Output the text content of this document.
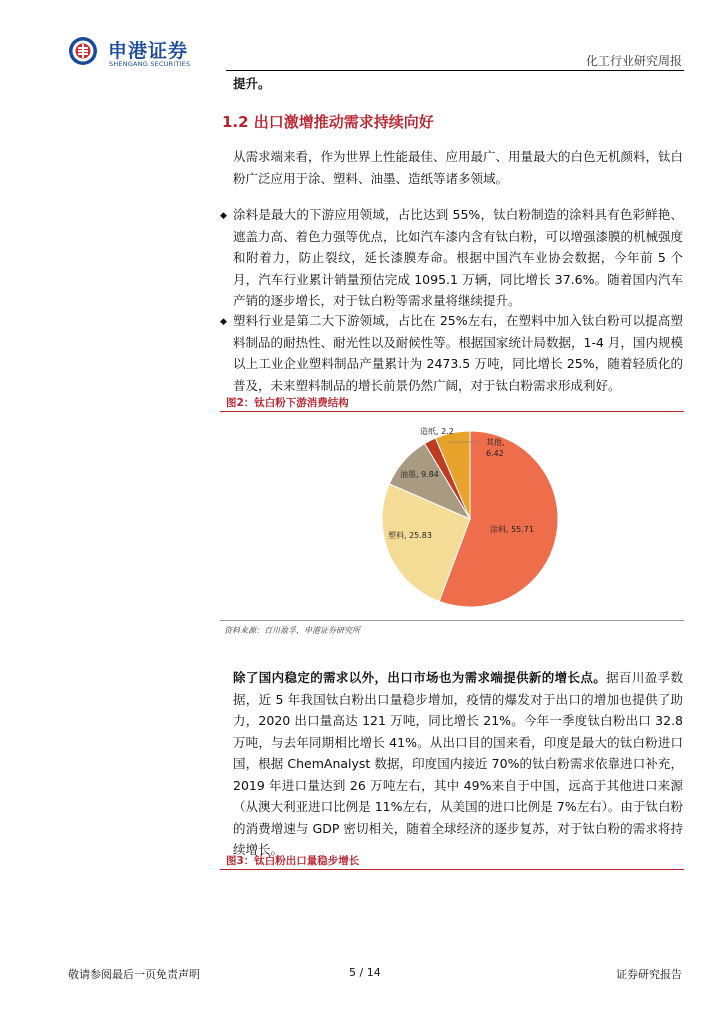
申港证券
SHENGANG SECURITIES	化工行业研究周报
提升。
1.2 出口激增推动需求持续向好
从需求端来看，作为世界上性能最佳、应用最广、用量最大的白色无机颜料，钛白粉广泛应用于涂、塑料、油墨、造纸等诸多领域。
◆ 涂料是最大的下游应用领域，占比达到 55%，钛白粉制造的涂料具有色彩鲜艳、遮盖力高、着色力强等优点，比如汽车漆内含有钛白粉，可以增强漆膜的机械强度和附着力，防止裂纹，延长漆膜寿命。根据中国汽车业协会数据，今年前 5 个月，汽车行业累计销量预估完成 1095.1 万辆，同比增长 37.6%。随着国内汽车产销的逐步增长，对于钛白粉等需求量将继续提升。
◆ 塑料行业是第二大下游领域，占比在 25%左右，在塑料中加入钛白粉可以提高塑料制品的耐热性、耐光性以及耐候性等。根据国家统计局数据，1-4 月，国内规模以上工业企业塑料制品产量累计为 2473.5 万吨，同比增长 25%，随着轻质化的普及，未来塑料制品的增长前景仍然广阔，对于钛白粉需求形成利好。
图2：钛白粉下游消费结构
造纸, 2.2
其他,
6.42
油墨, 9.84
塑料, 25.83
涂料, 55.71
资料来源：百川盈孚，申港证券研究所
除了国内稳定的需求以外，出口市场也为需求端提供新的增长点。据百川盈孚数据，近 5 年我国钛白粉出口量稳步增加，疫情的爆发对于出口的增加也提供了助力，2020 出口量高达 121 万吨，同比增长 21%。今年一季度钛白粉出口 32.8 万吨，与去年同期相比增长 41%。从出口目的国来看，印度是最大的钛白粉进口国，根据 ChemAnalyst 数据，印度国内接近 70%的钛白粉需求依靠进口补充，2019 年进口量达到 26 万吨左右，其中 49%来自于中国，远高于其他进口来源（从澳大利亚进口比例是 11%左右，从美国的进口比例是 7%左右）。由于钛白粉的消费增速与 GDP 密切相关，随着全球经济的逐步复苏，对于钛白粉的需求将持续增长。
图3：钛白粉出口量稳步增长
敬请参阅最后一页免责声明	5 / 14	证券研究报告
